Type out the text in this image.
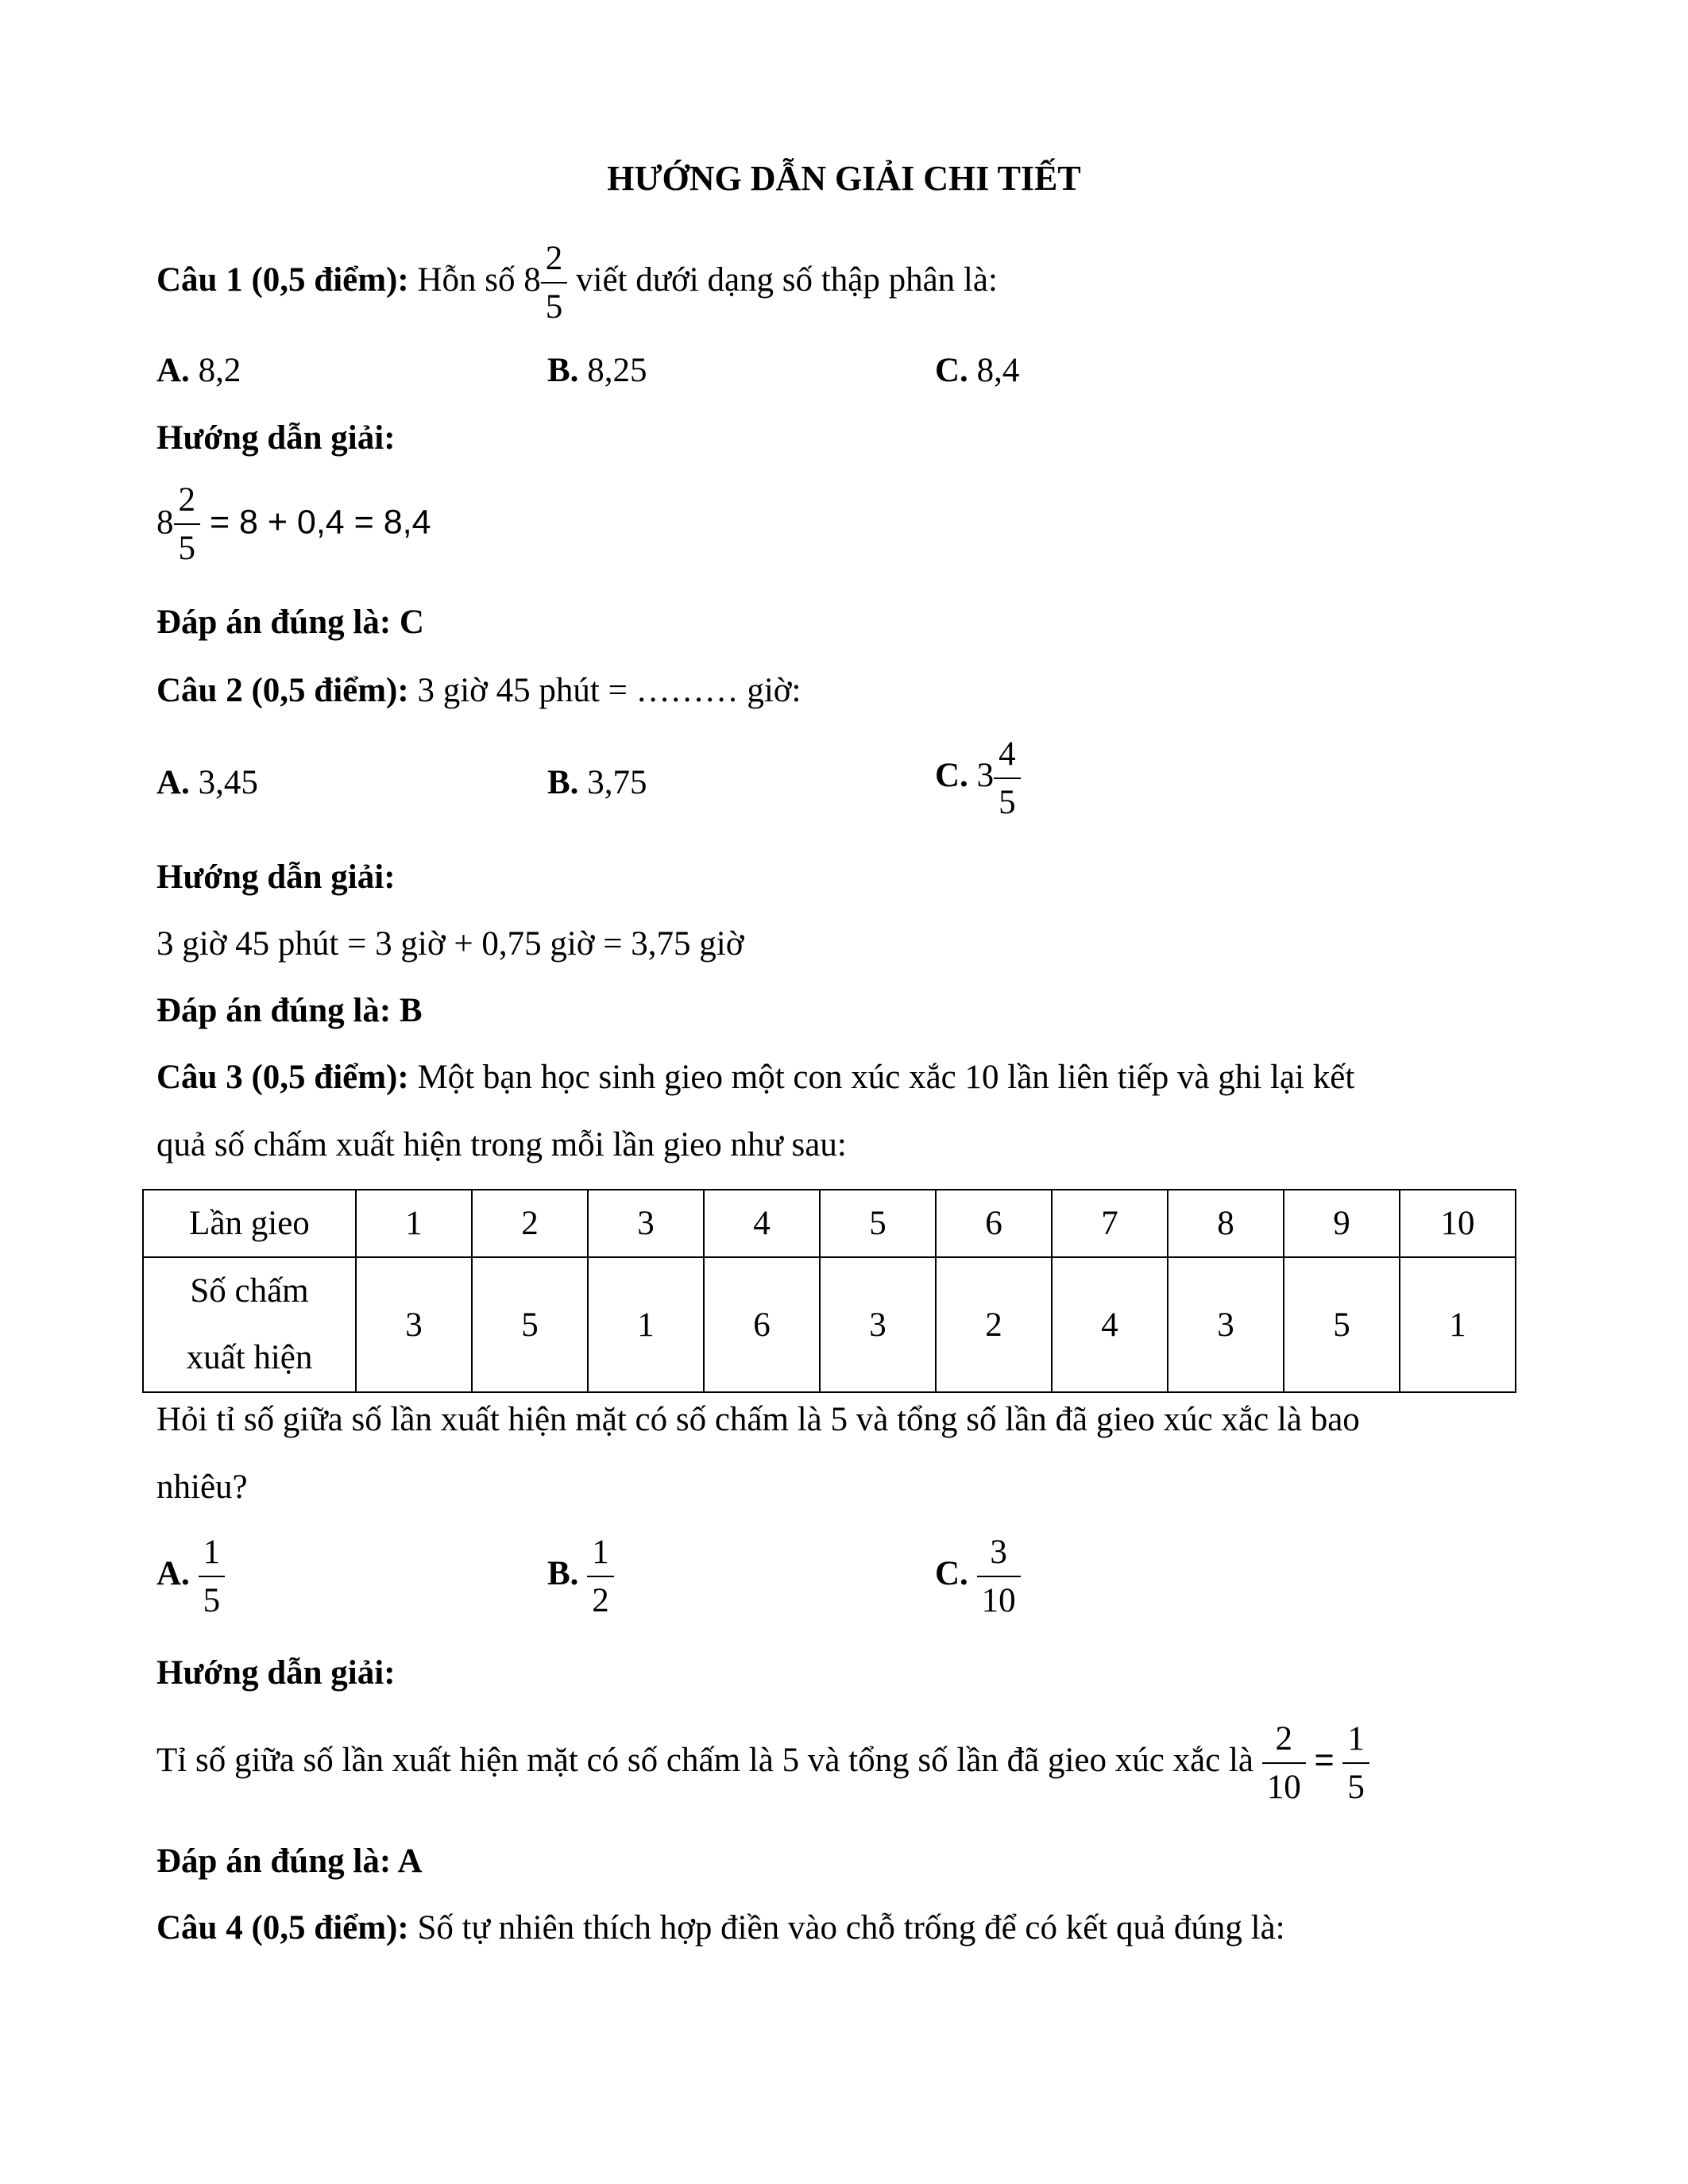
HƯỚNG DẪN GIẢI CHI TIẾT
Câu 1 (0,5 điểm): Hỗn số $8 \frac{2}{5}$ viết dưới dạng số thập phân là:
A. 8,2	B. 8,25	C. 8,4
Hướng dẫn giải:
$8 \frac{2}{5} = 8 + 0,4 = 8,4$
Đáp án đúng là: C
Câu 2 (0,5 điểm): 3 giờ 45 phút = ……… giờ:
A. 3,45	B. 3,75	C. $3 \frac{4}{5}$
Hướng dẫn giải:
3 giờ 45 phút = 3 giờ + 0,75 giờ = 3,75 giờ
Đáp án đúng là: B
Câu 3 (0,5 điểm): Một bạn học sinh gieo một con xúc xắc 10 lần liên tiếp và ghi lại kết
quả số chấm xuất hiện trong mỗi lần gieo như sau:
Lần gieo	1	2	3	4	5	6	7	8	9	10
Số chấm
xuất hiện	3	5	1	6	3	2	4	3	5	1
Hỏi tỉ số giữa số lần xuất hiện mặt có số chấm là 5 và tổng số lần đã gieo xúc xắc là bao
nhiêu?
A. $\frac{1}{5}$	B. $\frac{1}{2}$	C. $\frac{3}{10}$
Hướng dẫn giải:
Tỉ số giữa số lần xuất hiện mặt có số chấm là 5 và tổng số lần đã gieo xúc xắc là $\frac{2}{10} = \frac{1}{5}$
Đáp án đúng là: A
Câu 4 (0,5 điểm): Số tự nhiên thích hợp điền vào chỗ trống để có kết quả đúng là:
